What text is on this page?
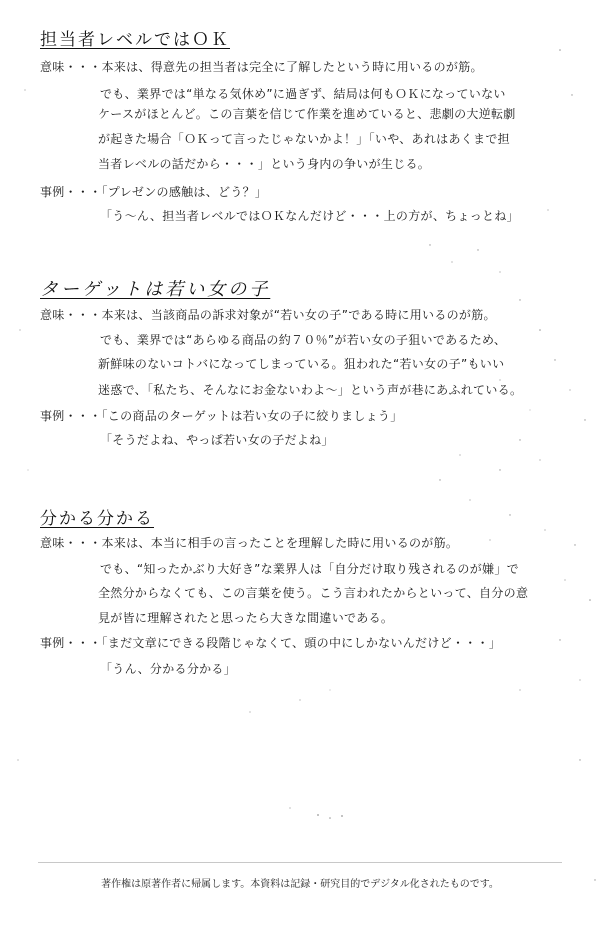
担当者レベルではＯＫ
意味・・・本来は、得意先の担当者は完全に了解したという時に用いるのが筋。
でも、業界では“単なる気休め”に過ぎず、結局は何もＯＫになっていない
ケースがほとんど。この言葉を信じて作業を進めていると、悲劇の大逆転劇
が起きた場合「ＯＫって言ったじゃないかよ！」「いや、あれはあくまで担
当者レベルの話だから・・・」という身内の争いが生じる。
事例・・・「プレゼンの感触は、どう？」
「う〜ん、担当者レベルではＯＫなんだけど・・・上の方が、ちょっとね」
ターゲットは若い女の子
意味・・・本来は、当該商品の訴求対象が“若い女の子”である時に用いるのが筋。
でも、業界では“あらゆる商品の約７０％”が若い女の子狙いであるため、
新鮮味のないコトバになってしまっている。狙われた“若い女の子”もいい
迷惑で、「私たち、そんなにお金ないわよ〜」という声が巷にあふれている。
事例・・・「この商品のターゲットは若い女の子に絞りましょう」
「そうだよね、やっぱ若い女の子だよね」
分かる分かる
意味・・・本来は、本当に相手の言ったことを理解した時に用いるのが筋。
でも、“知ったかぶり大好き”な業界人は「自分だけ取り残されるのが嫌」で
全然分からなくても、この言葉を使う。こう言われたからといって、自分の意
見が皆に理解されたと思ったら大きな間違いである。
事例・・・「まだ文章にできる段階じゃなくて、頭の中にしかないんだけど・・・」
「うん、分かる分かる」
著作権は原著作者に帰属します。本資料は記録・研究目的でデジタル化されたものです。
